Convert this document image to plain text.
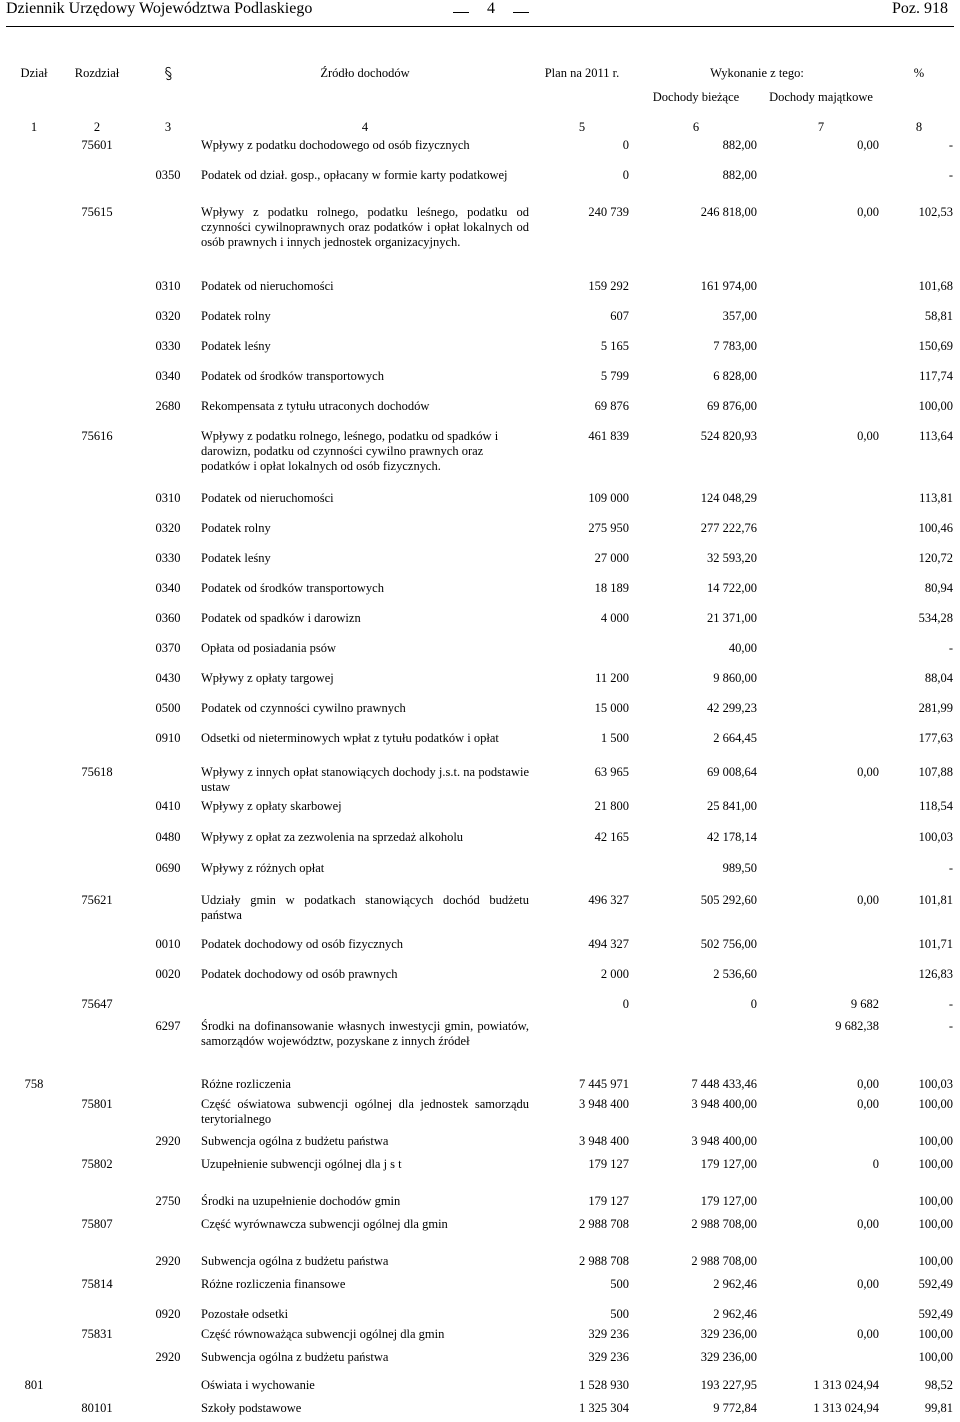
Dziennik Urzędowy Województwa Podlaskiego	4	Poz. 918
Dział	Rozdział		Źródło dochodów	Plan na 2011 r.	Wykonanie z tego:		%
					Dochody bieżące	Dochody majątkowe	
1	2	3	4	5	6	7	8
	75601		Wpływy z podatku dochodowego od osób fizycznych	0	882,00	0,00	-
		0350	Podatek od dział. gosp., opłacany w formie karty podatkowej	0	882,00		-
	75615		Wpływy z podatku rolnego, podatku leśnego, podatku od czynności cywilnoprawnych oraz podatków i opłat lokalnych od osób prawnych i innych jednostek organizacyjnych.	240 739	246 818,00	0,00	102,53
		0310	Podatek od nieruchomości	159 292	161 974,00		101,68
		0320	Podatek rolny	607	357,00		58,81
		0330	Podatek leśny	5 165	7 783,00		150,69
		0340	Podatek od środków transportowych	5 799	6 828,00		117,74
		2680	Rekompensata z tytułu utraconych dochodów	69 876	69 876,00		100,00
	75616		Wpływy z podatku rolnego, leśnego, podatku od spadków i darowizn, podatku od czynności cywilno prawnych oraz podatków i opłat lokalnych od osób fizycznych.	461 839	524 820,93	0,00	113,64
		0310	Podatek od nieruchomości	109 000	124 048,29		113,81
		0320	Podatek rolny	275 950	277 222,76		100,46
		0330	Podatek leśny	27 000	32 593,20		120,72
		0340	Podatek od środków transportowych	18 189	14 722,00		80,94
		0360	Podatek od spadków i darowizn	4 000	21 371,00		534,28
		0370	Opłata od posiadania psów		40,00		-
		0430	Wpływy z opłaty targowej	11 200	9 860,00		88,04
		0500	Podatek od czynności cywilno prawnych	15 000	42 299,23		281,99
		0910	Odsetki od nieterminowych wpłat z tytułu podatków i opłat	1 500	2 664,45		177,63
	75618		Wpływy z innych opłat stanowiących dochody j.s.t. na podstawie ustaw	63 965	69 008,64	0,00	107,88
		0410	Wpływy z opłaty skarbowej	21 800	25 841,00		118,54
		0480	Wpływy z opłat za zezwolenia na sprzedaż alkoholu	42 165	42 178,14		100,03
		0690	Wpływy z różnych opłat		989,50		-
	75621		Udziały gmin w podatkach stanowiących dochód budżetu państwa	496 327	505 292,60	0,00	101,81
		0010	Podatek dochodowy od osób fizycznych	494 327	502 756,00		101,71
		0020	Podatek dochodowy od osób prawnych	2 000	2 536,60		126,83
	75647			0	0	9 682	-
		6297	Środki na dofinansowanie własnych inwestycji gmin, powiatów, samorządów województw, pozyskane z innych źródeł			9 682,38	-
758			Różne rozliczenia	7 445 971	7 448 433,46	0,00	100,03
	75801		Część oświatowa subwencji ogólnej dla jednostek samorządu terytorialnego	3 948 400	3 948 400,00	0,00	100,00
		2920	Subwencja ogólna z budżetu państwa	3 948 400	3 948 400,00		100,00
	75802		Uzupełnienie subwencji ogólnej dla j s t	179 127	179 127,00	0	100,00
		2750	Środki na uzupełnienie dochodów gmin	179 127	179 127,00		100,00
	75807		Część wyrównawcza subwencji ogólnej dla gmin	2 988 708	2 988 708,00	0,00	100,00
		2920	Subwencja ogólna z budżetu państwa	2 988 708	2 988 708,00		100,00
	75814		Różne rozliczenia finansowe	500	2 962,46	0,00	592,49
		0920	Pozostałe odsetki	500	2 962,46		592,49
	75831		Część równoważąca subwencji ogólnej dla gmin	329 236	329 236,00	0,00	100,00
		2920	Subwencja ogólna z budżetu państwa	329 236	329 236,00		100,00
801			Oświata i wychowanie	1 528 930	193 227,95	1 313 024,94	98,52
	80101		Szkoły podstawowe	1 325 304	9 772,84	1 313 024,94	99,81
